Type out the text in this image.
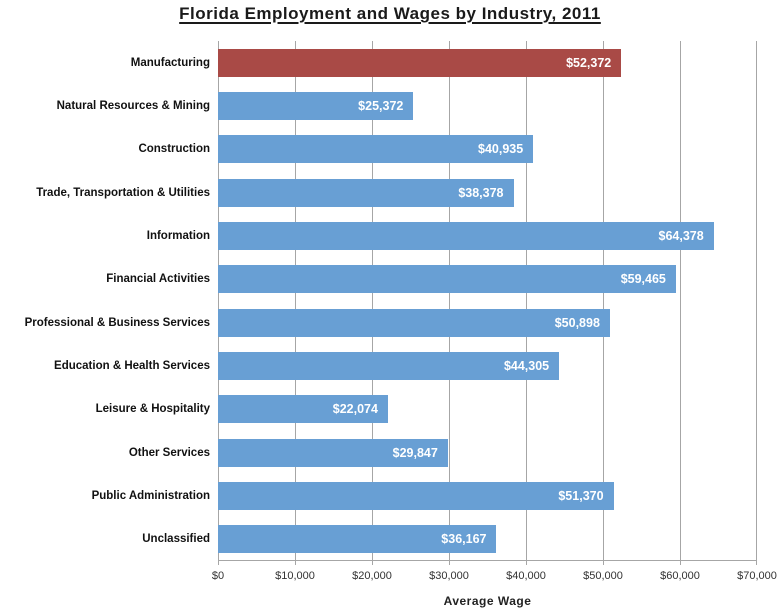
Florida Employment and Wages by Industry, 2011
$52,372
$25,372
$40,935
$38,378
$64,378
$59,465
$50,898
$44,305
$22,074
$29,847
$51,370
$36,167
Manufacturing
Natural Resources & Mining
Construction
Trade, Transportation & Utilities
Information
Financial Activities
Professional & Business Services
Education & Health Services
Leisure & Hospitality
Other Services
Public Administration
Unclassified
$0	$10,000	$20,000	$30,000	$40,000	$50,000	$60,000	$70,000
Average Wage
